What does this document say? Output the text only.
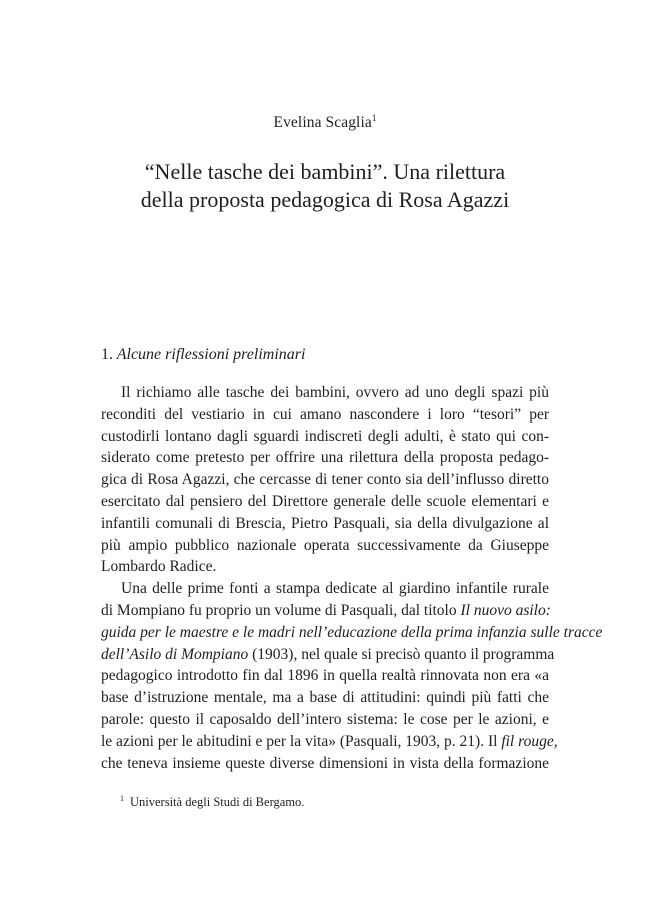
Evelina Scaglia$^1$
“Nelle tasche dei bambini”. Una rilettura
della proposta pedagogica di Rosa Agazzi
1. Alcune riflessioni preliminari
Il richiamo alle tasche dei bambini, ovvero ad uno degli spazi più
reconditi del vestiario in cui amano nascondere i loro “tesori” per
custodirli lontano dagli sguardi indiscreti degli adulti, è stato qui con-
siderato come pretesto per offrire una rilettura della proposta pedago-
gica di Rosa Agazzi, che cercasse di tener conto sia dell’influsso diretto
esercitato dal pensiero del Direttore generale delle scuole elementari e
infantili comunali di Brescia, Pietro Pasquali, sia della divulgazione al
più ampio pubblico nazionale operata successivamente da Giuseppe
Lombardo Radice.
Una delle prime fonti a stampa dedicate al giardino infantile rurale
di Mompiano fu proprio un volume di Pasquali, dal titolo Il nuovo asilo:
guida per le maestre e le madri nell’educazione della prima infanzia sulle tracce
dell’Asilo di Mompiano (1903), nel quale si precisò quanto il programma
pedagogico introdotto fin dal 1896 in quella realtà rinnovata non era «a
base d’istruzione mentale, ma a base di attitudini: quindi più fatti che
parole: questo il caposaldo dell’intero sistema: le cose per le azioni, e
le azioni per le abitudini e per la vita» (Pasquali, 1903, p. 21). Il fil rouge,
che teneva insieme queste diverse dimensioni in vista della formazione
$^1$ Università degli Studi di Bergamo.
